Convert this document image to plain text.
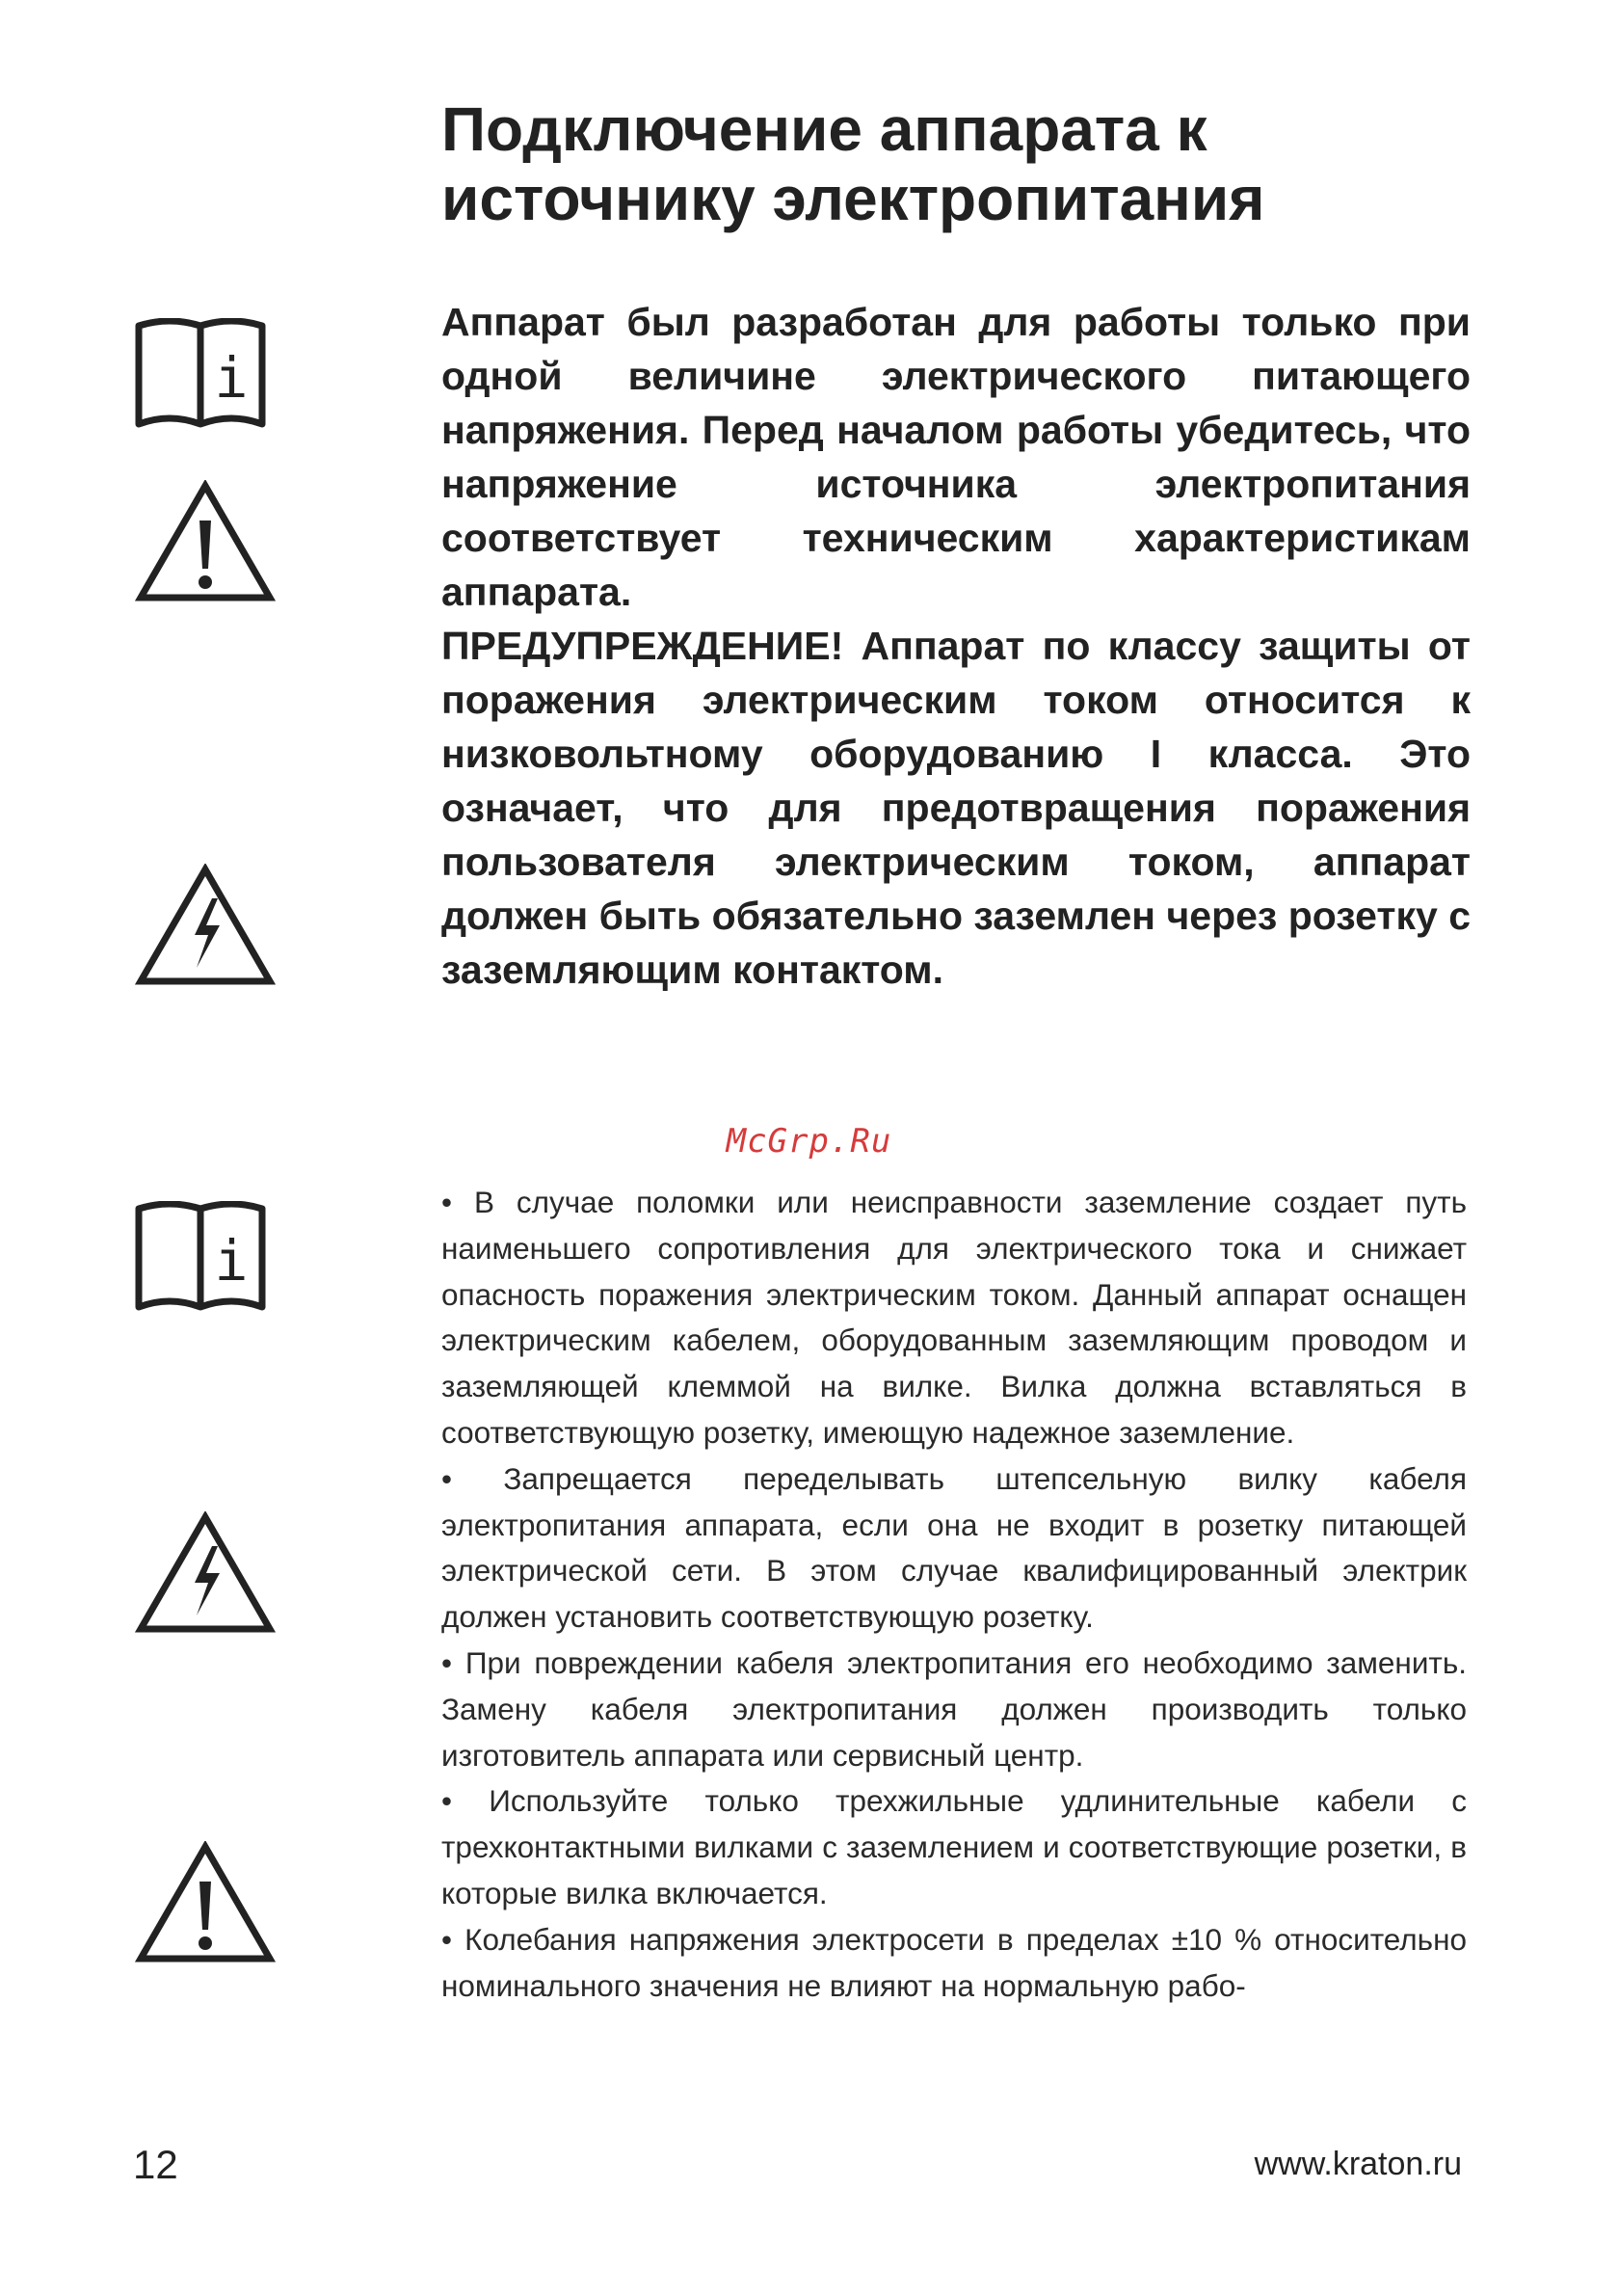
Подключение аппарата к
источнику электропитания
i
i

Аппарат был разработан для работы только при одной величине электрического питающего напряжения. Перед началом работы убедитесь, что напряжение источника электропитания соответствует техническим характеристикам аппарата.

ПРЕДУПРЕЖДЕНИЕ! Аппарат по классу защиты от поражения электрическим током относится к низковольтному оборудованию I класса. Это означает, что для предотвращения поражения пользователя электрическим током, аппарат должен быть обязательно заземлен через розетку с заземляющим контактом.

McGrp.Ru

• В случае поломки или неисправности заземление создает путь наименьшего сопротивления для электрического тока и снижает опасность поражения электрическим током. Данный аппарат оснащен электрическим кабелем, оборудованным заземляющим проводом и заземляющей клеммой на вилке. Вилка должна вставляться в соответствующую розетку, имеющую надежное заземление.

• Запрещается переделывать штепсельную вилку кабеля электропитания аппарата, если она не входит в розетку питающей электрической сети. В этом случае квалифицированный электрик должен установить соответствующую розетку.

• При повреждении кабеля электропитания его необходимо заменить. Замену кабеля электропитания должен производить только изготовитель аппарата или сервисный центр.

• Используйте только трехжильные удлинительные кабели с трехконтактными вилками с заземлением и соответствующие розетки, в которые вилка включается.

• Колебания напряжения электросети в пределах ±10 % относительно номинального значения не влияют на нормальную рабо-

12	www.kraton.ru
